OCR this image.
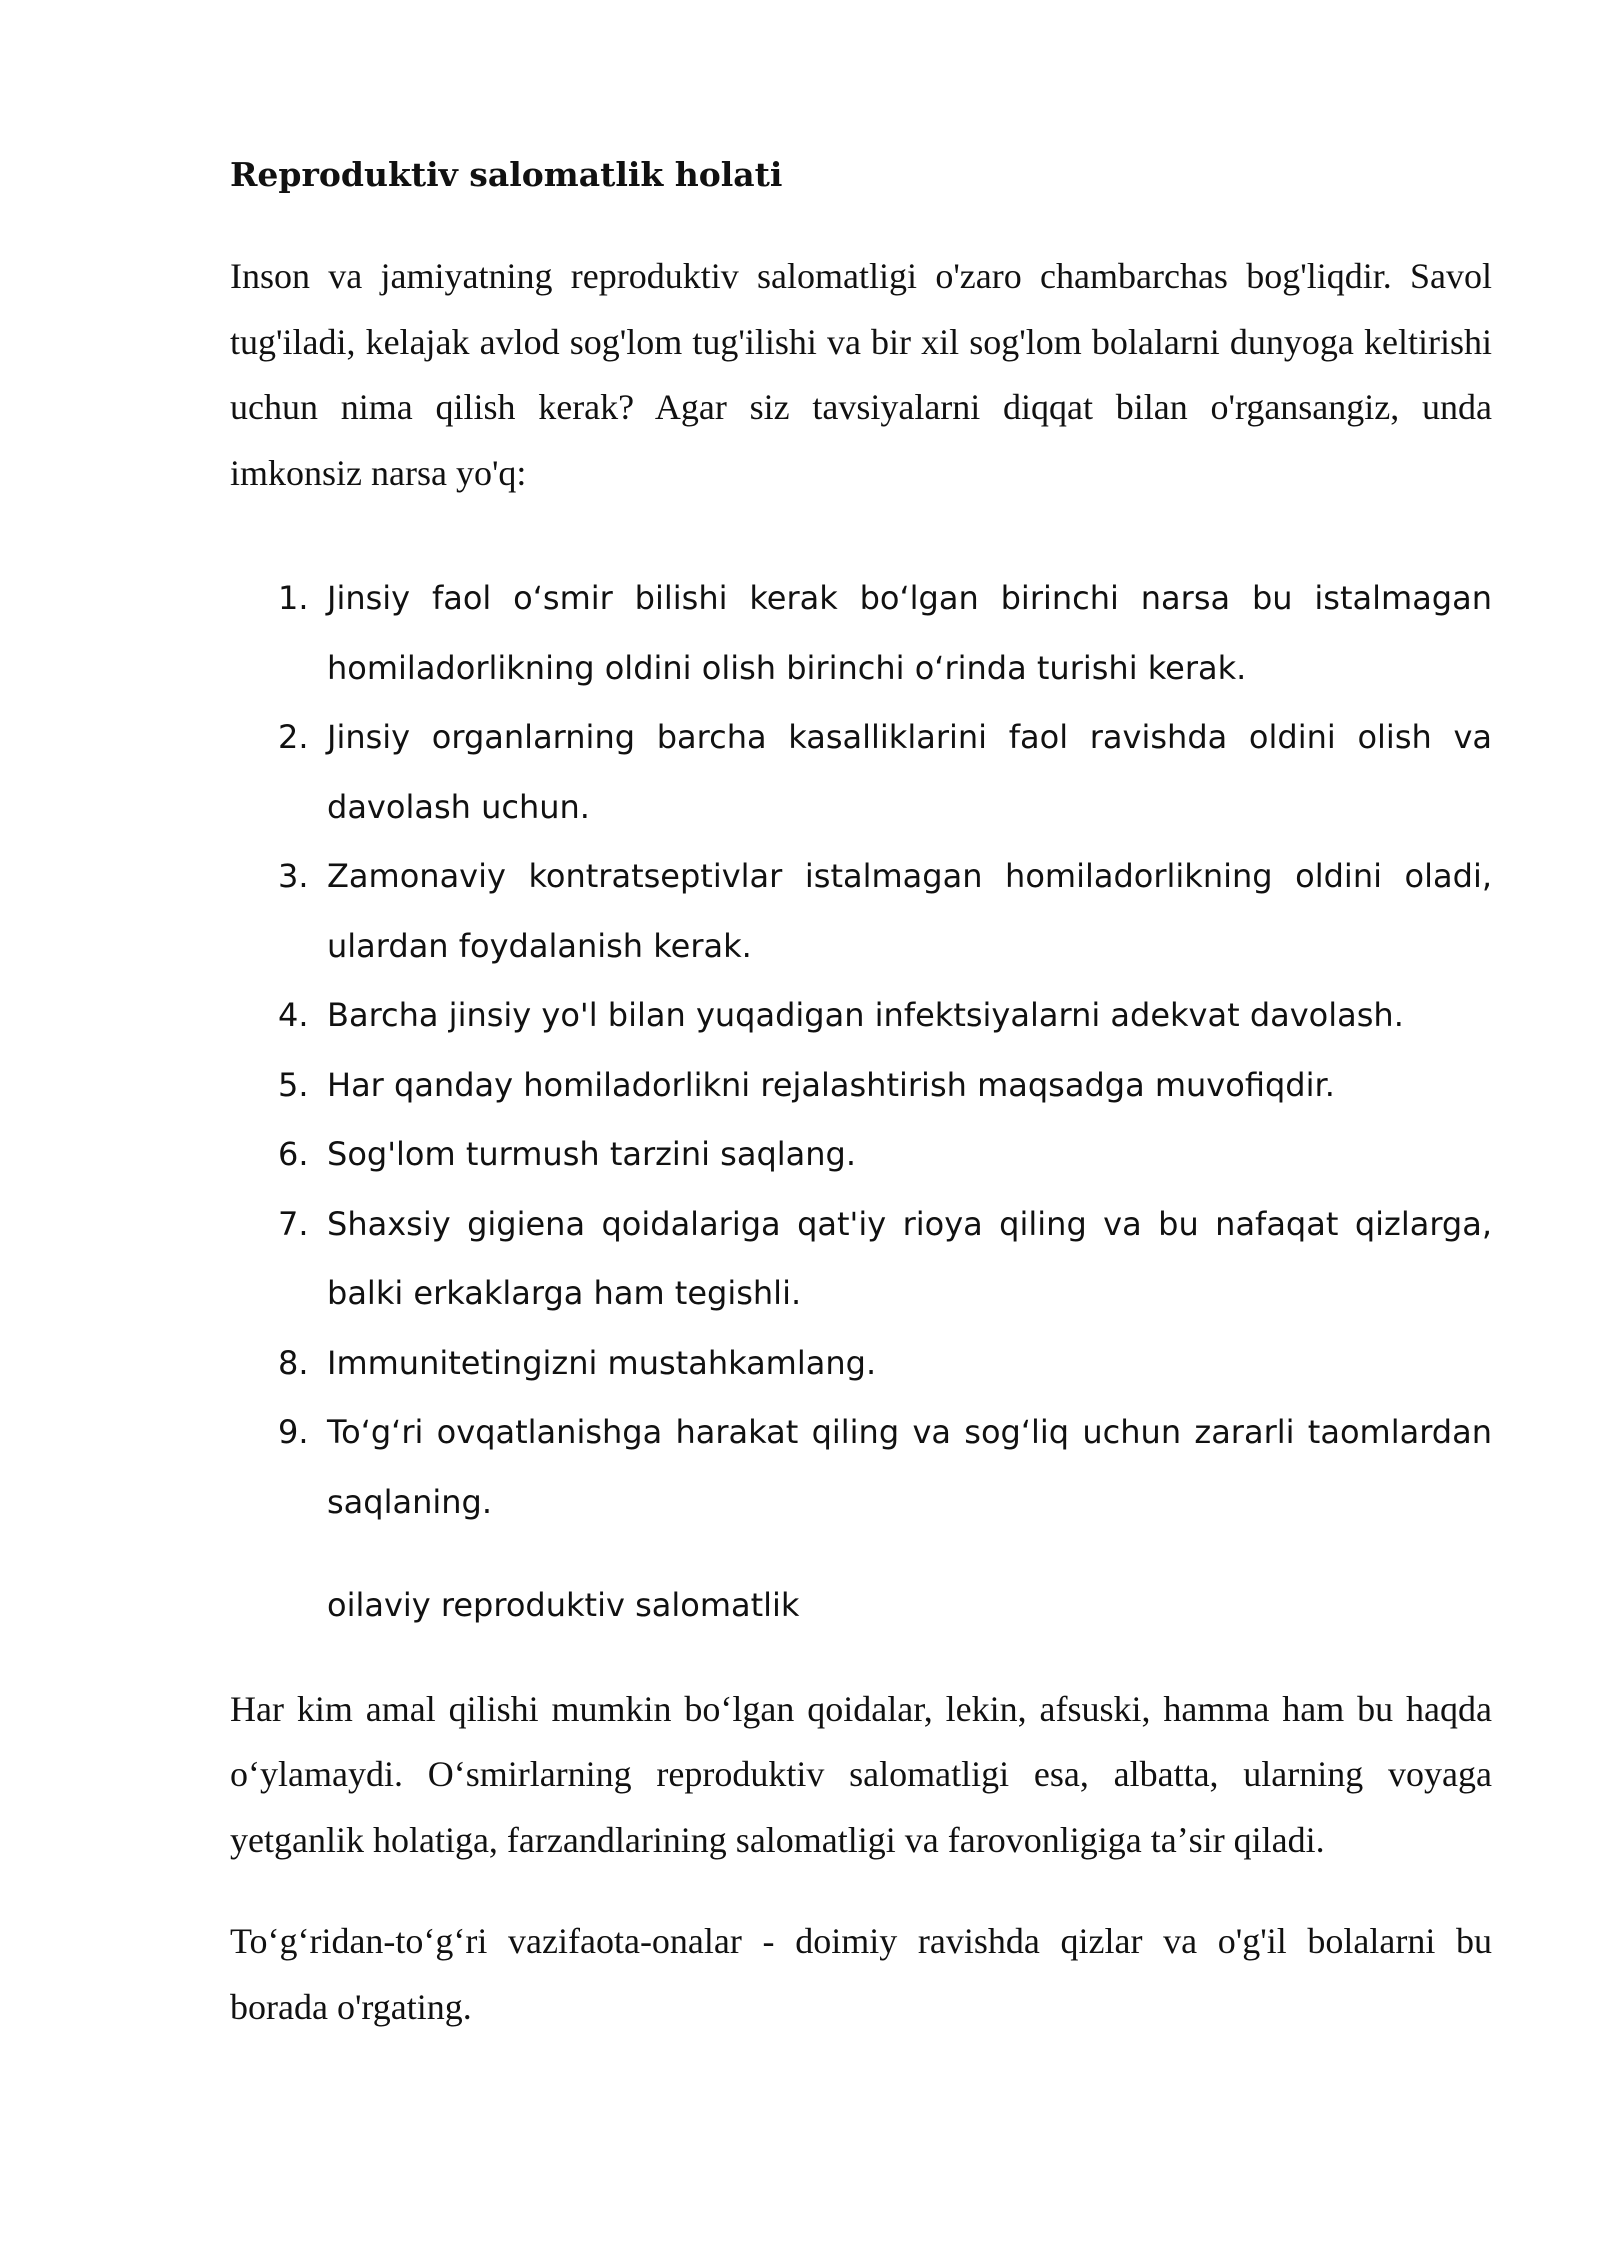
Reproduktiv salomatlik holati

Inson va jamiyatning reproduktiv salomatligi o'zaro chambarchas bog'liqdir. Savol tug'iladi, kelajak avlod sog'lom tug'ilishi va bir xil sog'lom bolalarni dunyoga keltirishi uchun nima qilish kerak? Agar siz tavsiyalarni diqqat bilan o'rgansangiz, unda imkonsiz narsa yo'q:

1. Jinsiy faol oʻsmir bilishi kerak boʻlgan birinchi narsa bu istalmagan homiladorlikning oldini olish birinchi oʻrinda turishi kerak.
2. Jinsiy organlarning barcha kasalliklarini faol ravishda oldini olish va davolash uchun.
3. Zamonaviy kontratseptivlar istalmagan homiladorlikning oldini oladi, ulardan foydalanish kerak.
4. Barcha jinsiy yo'l bilan yuqadigan infektsiyalarni adekvat davolash.
5. Har qanday homiladorlikni rejalashtirish maqsadga muvofiqdir.
6. Sog'lom turmush tarzini saqlang.
7. Shaxsiy gigiena qoidalariga qat'iy rioya qiling va bu nafaqat qizlarga, balki erkaklarga ham tegishli.
8. Immunitetingizni mustahkamlang.
9. Toʻgʻri ovqatlanishga harakat qiling va sogʻliq uchun zararli taomlardan saqlaning.

oilaviy reproduktiv salomatlik

Har kim amal qilishi mumkin boʻlgan qoidalar, lekin, afsuski, hamma ham bu haqda oʻylamaydi. Oʻsmirlarning reproduktiv salomatligi esa, albatta, ularning voyaga yetganlik holatiga, farzandlarining salomatligi va farovonligiga taʼsir qiladi.

Toʻgʻridan-toʻgʻri vazifaota-onalar - doimiy ravishda qizlar va o'g'il bolalarni bu borada o'rgating.
